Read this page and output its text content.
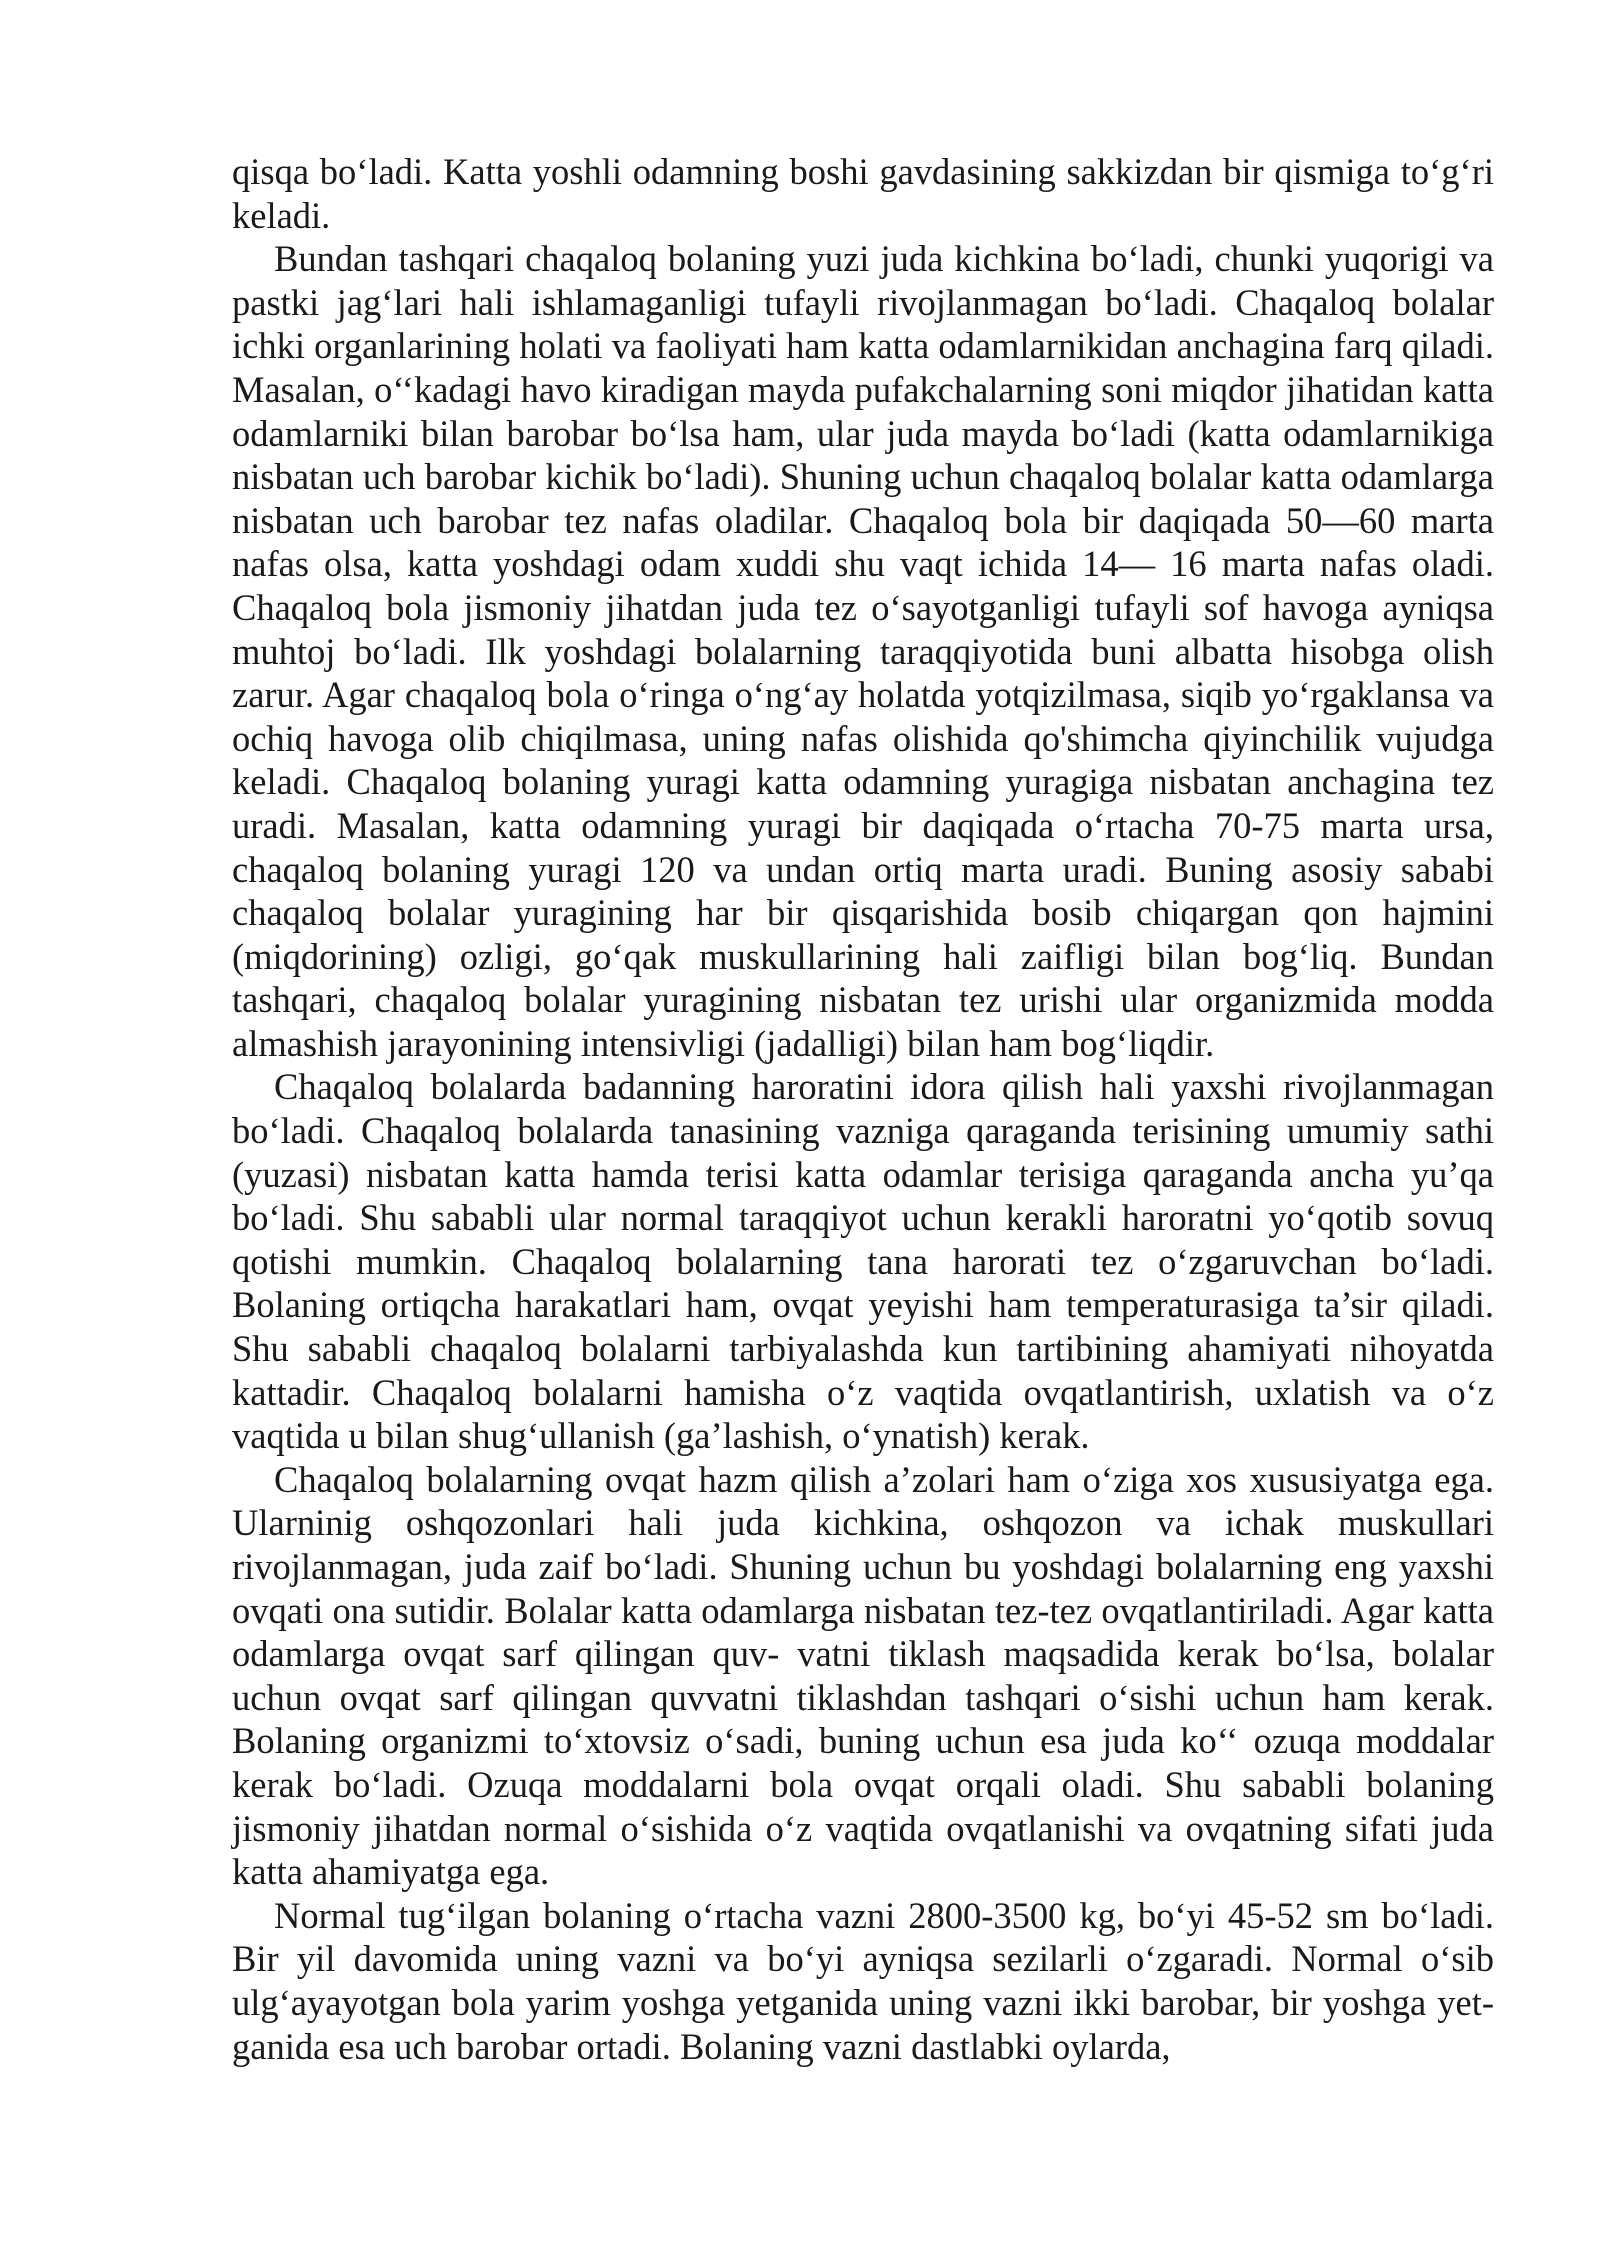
qisqa bo‘ladi. Katta yoshli odamning boshi gavdasining sakkizdan bir qismiga to‘g‘ri keladi.

Bundan tashqari chaqaloq bolaning yuzi juda kichkina bo‘ladi, chunki yuqorigi va pastki jag‘lari hali ishlamaganligi tufayli rivojlanmagan bo‘ladi. Chaqaloq bolalar ichki organlarining holati va faoliyati ham katta odamlarnikidan anchagina farq qiladi. Masalan, o‘‘kadagi havo kiradigan mayda pufakchalarning soni miqdor jihatidan katta odamlarniki bilan barobar bo‘lsa ham, ular juda mayda bo‘ladi (katta odamlarnikiga nisbatan uch barobar kichik bo‘ladi). Shuning uchun chaqaloq bolalar katta odamlarga nisbatan uch barobar tez nafas oladilar. Chaqaloq bola bir daqiqada 50—60 marta nafas olsa, katta yoshdagi odam xuddi shu vaqt ichida 14— 16 marta nafas oladi. Chaqaloq bola jismoniy jihatdan juda tez o‘sayotganligi tufayli sof havoga ayniqsa muhtoj bo‘ladi. Ilk yoshdagi bolalarning taraqqiyotida buni albatta hisobga olish zarur. Agar chaqaloq bola o‘ringa o‘ng‘ay holatda yotqizilmasa, siqib yo‘rgaklansa va ochiq havoga olib chiqilmasa, uning nafas olishida qo'shimcha qiyinchilik vujudga keladi. Chaqaloq bolaning yuragi katta odamning yuragiga nisbatan anchagina tez uradi. Masalan, katta odamning yuragi bir daqiqada o‘rtacha 70-75 marta ursa, chaqaloq bolaning yuragi 120 va undan ortiq marta uradi. Buning asosiy sababi chaqaloq bolalar yuragining har bir qisqarishida bosib chiqargan qon hajmini (miqdorining) ozligi, go‘qak muskullarining hali zaifligi bilan bog‘liq. Bundan tashqari, chaqaloq bolalar yuragining nisbatan tez urishi ular organizmida modda almashish jarayonining intensivligi (jadalligi) bilan ham bog‘liqdir.

Chaqaloq bolalarda badanning haroratini idora qilish hali yaxshi rivojlanmagan bo‘ladi. Chaqaloq bolalarda tanasining vazniga qaraganda terisining umumiy sathi (yuzasi) nisbatan katta hamda terisi katta odamlar terisiga qaraganda ancha yu’qa bo‘ladi. Shu sababli ular normal taraqqiyot uchun kerakli haroratni yo‘qotib sovuq qotishi mumkin. Chaqaloq bolalarning tana harorati tez o‘zgaruvchan bo‘ladi. Bolaning ortiqcha harakatlari ham, ovqat yeyishi ham temperaturasiga ta’sir qiladi. Shu sababli chaqaloq bolalarni tarbiyalashda kun tartibining ahamiyati nihoyatda kattadir. Chaqaloq bolalarni hamisha o‘z vaqtida ovqatlantirish, uxlatish va o‘z vaqtida u bilan shug‘ullanish (ga’lashish, o‘ynatish) kerak.

Chaqaloq bolalarning ovqat hazm qilish a’zolari ham o‘ziga xos xususiyatga ega. Ularninig oshqozonlari hali juda kichkina, oshqozon va ichak muskullari rivojlanmagan, juda zaif bo‘ladi. Shuning uchun bu yoshdagi bolalarning eng yaxshi ovqati ona sutidir. Bolalar katta odamlarga nisbatan tez-tez ovqatlantiriladi. Agar katta odamlarga ovqat sarf qilingan quv- vatni tiklash maqsadida kerak bo‘lsa, bolalar uchun ovqat sarf qilingan quvvatni tiklashdan tashqari o‘sishi uchun ham kerak. Bolaning organizmi to‘xtovsiz o‘sadi, buning uchun esa juda ko‘‘ ozuqa moddalar kerak bo‘ladi. Ozuqa moddalarni bola ovqat orqali oladi. Shu sababli bolaning jismoniy jihatdan normal o‘sishida o‘z vaqtida ovqatlanishi va ovqatning sifati juda katta ahamiyatga ega.

Normal tug‘ilgan bolaning o‘rtacha vazni 2800-3500 kg, bo‘yi 45-52 sm bo‘ladi. Bir yil davomida uning vazni va bo‘yi ayniqsa sezilarli o‘zgaradi. Normal o‘sib ulg‘ayayotgan bola yarim yoshga yetganida uning vazni ikki barobar, bir yoshga yet- ganida esa uch barobar ortadi. Bolaning vazni dastlabki oylarda,
